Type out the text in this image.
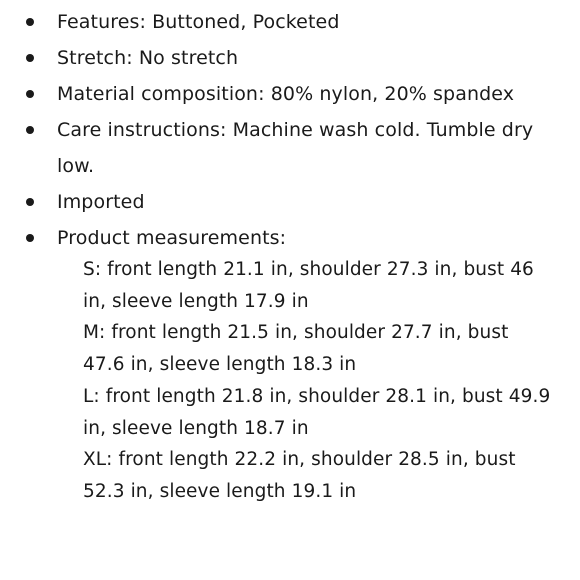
Features: Buttoned, Pocketed
Stretch: No stretch
Material composition: 80% nylon, 20% spandex
Care instructions: Machine wash cold. Tumble dry
low.
Imported
Product measurements:
S: front length 21.1 in, shoulder 27.3 in, bust 46
in, sleeve length 17.9 in
M: front length 21.5 in, shoulder 27.7 in, bust
47.6 in, sleeve length 18.3 in
L: front length 21.8 in, shoulder 28.1 in, bust 49.9
in, sleeve length 18.7 in
XL: front length 22.2 in, shoulder 28.5 in, bust
52.3 in, sleeve length 19.1 in
